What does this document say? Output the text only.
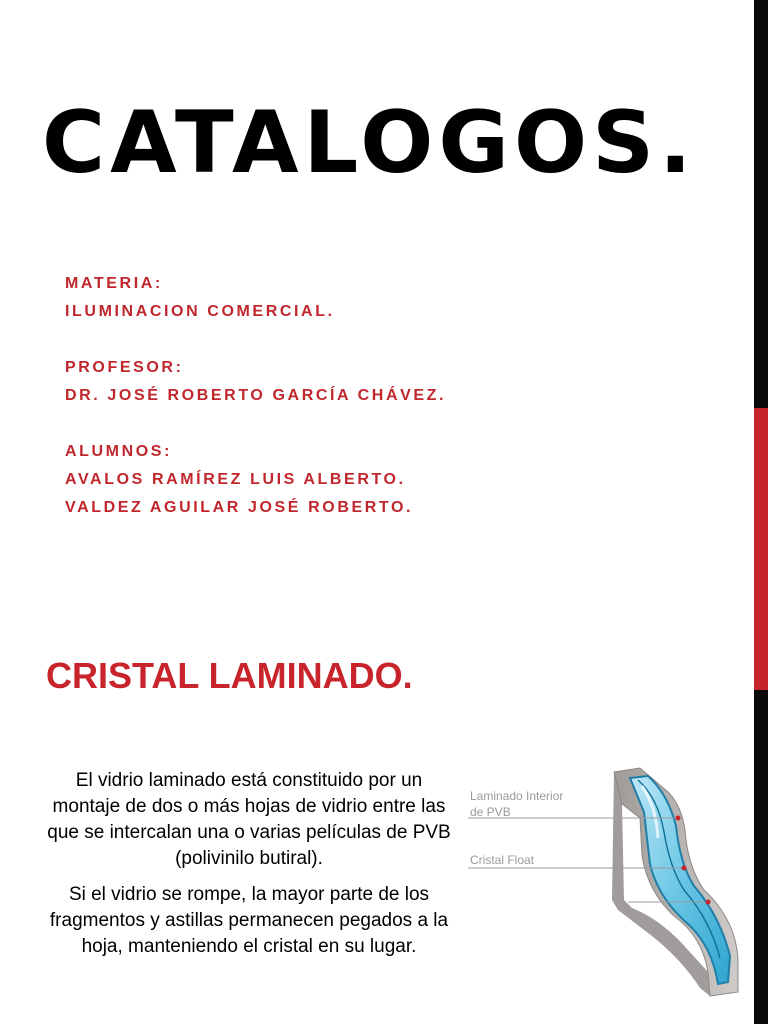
CATALOGOS.
MATERIA:
ILUMINACION COMERCIAL.
PROFESOR:
DR. JOSÉ ROBERTO GARCÍA CHÁVEZ.
ALUMNOS:
AVALOS RAMÍREZ LUIS ALBERTO.
VALDEZ AGUILAR JOSÉ ROBERTO.
CRISTAL LAMINADO.

El vidrio laminado está constituido por un montaje de dos o más hojas de vidrio entre las que se intercalan una o varias películas de PVB (polivinilo butiral).

Si el vidrio se rompe, la mayor parte de los fragmentos y astillas permanecen pegados a la hoja, manteniendo el cristal en su lugar.

Laminado Interior
de PVB
Cristal Float
